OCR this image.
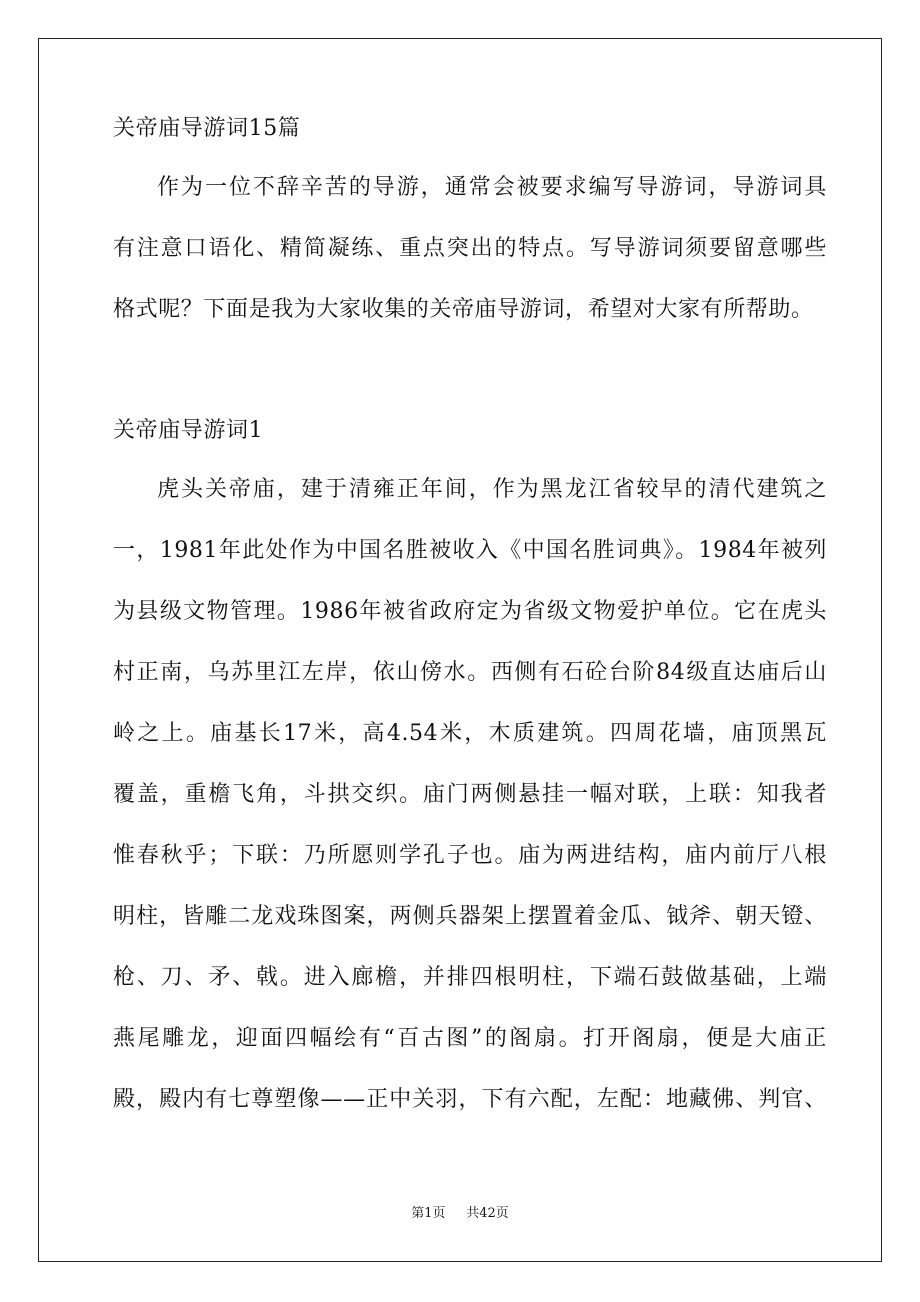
关帝庙导游词15篇
作为一位不辞辛苦的导游，通常会被要求编写导游词，导游词具
有注意口语化、精简凝练、重点突出的特点。写导游词须要留意哪些
格式呢？下面是我为大家收集的关帝庙导游词，希望对大家有所帮助。
关帝庙导游词1
虎头关帝庙，建于清雍正年间，作为黑龙江省较早的清代建筑之
一，1981年此处作为中国名胜被收入《中国名胜词典》。1984年被列
为县级文物管理。1986年被省政府定为省级文物爱护单位。它在虎头
村正南，乌苏里江左岸，依山傍水。西侧有石砼台阶84级直达庙后山
岭之上。庙基长17米，高4.54米，木质建筑。四周花墙，庙顶黑瓦
覆盖，重檐飞角，斗拱交织。庙门两侧悬挂一幅对联，上联：知我者
惟春秋乎；下联：乃所愿则学孔子也。庙为两进结构，庙内前厅八根
明柱，皆雕二龙戏珠图案，两侧兵器架上摆置着金瓜、钺斧、朝天镫、
枪、刀、矛、戟。进入廊檐，并排四根明柱，下端石鼓做基础，上端
燕尾雕龙，迎面四幅绘有“百古图”的阁扇。打开阁扇，便是大庙正
殿，殿内有七尊塑像——正中关羽，下有六配，左配：地藏佛、判官、
第1页 共42页
